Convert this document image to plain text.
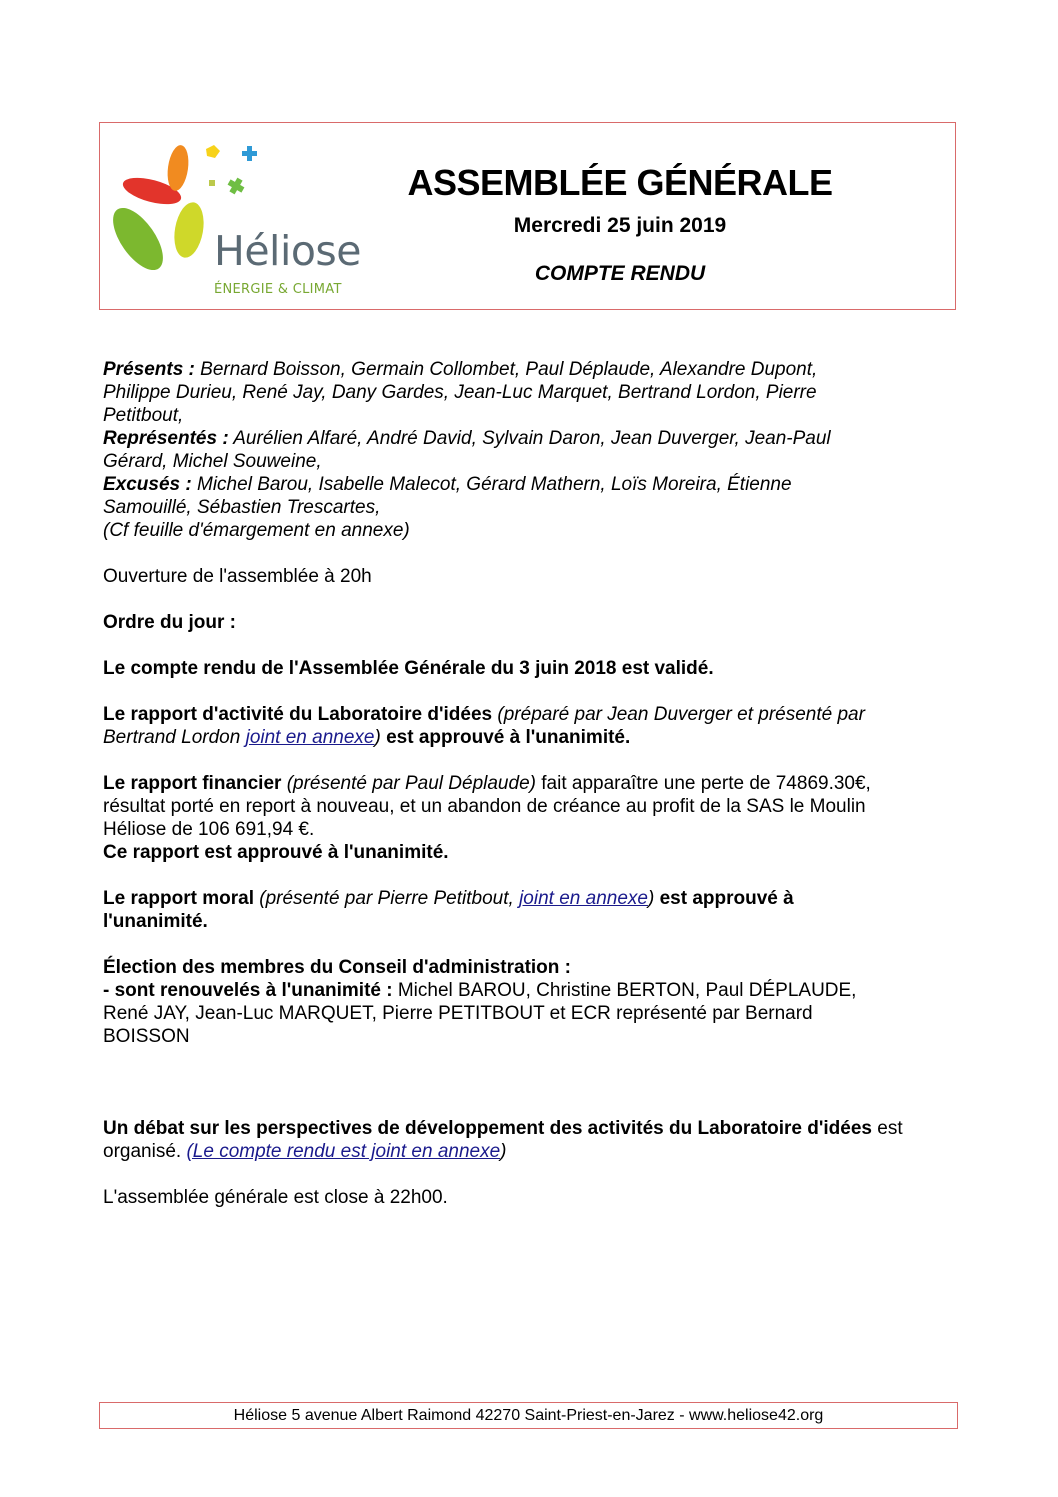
Héliose
ÉNERGIE & CLIMAT
ASSEMBLÉE GÉNÉRALE
Mercredi 25 juin 2019
COMPTE RENDU

Présents : Bernard Boisson, Germain Collombet, Paul Déplaude, Alexandre Dupont,

Philippe Durieu, René Jay, Dany Gardes, Jean-Luc Marquet, Bertrand Lordon, Pierre

Petitbout,

Représentés : Aurélien Alfaré, André David, Sylvain Daron, Jean Duverger, Jean-Paul

Gérard, Michel Souweine,

Excusés : Michel Barou, Isabelle Malecot, Gérard Mathern, Loïs Moreira, Étienne

Samouillé, Sébastien Trescartes,

(Cf feuille d'émargement en annexe)

Ouverture de l'assemblée à 20h

Ordre du jour :

Le compte rendu de l'Assemblée Générale du 3 juin 2018 est validé.

Le rapport d'activité du Laboratoire d'idées (préparé par Jean Duverger et présenté par

Bertrand Lordon joint en annexe) est approuvé à l'unanimité.

Le rapport financier (présenté par Paul Déplaude) fait apparaître une perte de 74869.30€,

résultat porté en report à nouveau, et un abandon de créance au profit de la SAS le Moulin

Héliose de 106 691,94 €.

Ce rapport est approuvé à l'unanimité.

Le rapport moral (présenté par Pierre Petitbout, joint en annexe) est approuvé à

l'unanimité.

Élection des membres du Conseil d'administration :

- sont renouvelés à l'unanimité : Michel BAROU, Christine BERTON, Paul DÉPLAUDE,

René JAY, Jean-Luc MARQUET, Pierre PETITBOUT et ECR représenté par Bernard

BOISSON

Un débat sur les perspectives de développement des activités du Laboratoire d'idées est

organisé. (Le compte rendu est joint en annexe)

L'assemblée générale est close à 22h00.

Héliose 5 avenue Albert Raimond 42270 Saint-Priest-en-Jarez - www.heliose42.org
